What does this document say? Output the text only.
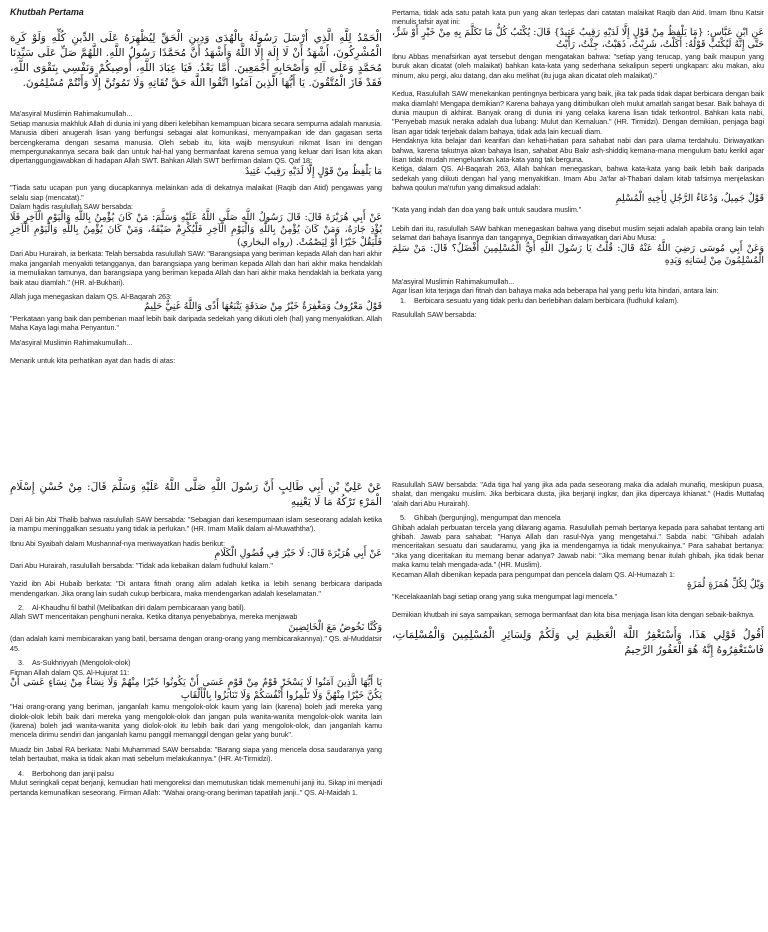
Khutbah Pertama

الْحَمْدُ لِلَّهِ الَّذِي أَرْسَلَ رَسُولَهُ بِالْهُدَى وَدِينِ الْحَقِّ لِيُظْهِرَهُ عَلَى الدِّينِ كُلِّهِ وَلَوْ كَرِهَ الْمُشْرِكُونَ، أَشْهَدُ أَنْ لَا إِلَهَ إِلَّا اللَّهُ وَأَشْهَدُ أَنَّ مُحَمَّدًا رَسُولُ اللَّهِ. اللَّهُمَّ صَلِّ عَلَى سَيِّدِنَا مُحَمَّدٍ وَعَلَى آلِهِ وَأَصْحَابِهِ أَجْمَعِينَ. أَمَّا بَعْدُ. فَيَا عِبَادَ اللَّهِ، أُوصِيكُمْ وَنَفْسِي بِتَقْوَى اللَّهِ، فَقَدْ فَازَ الْمُتَّقُونَ. يَا أَيُّهَا الَّذِينَ آمَنُوا اتَّقُوا اللَّهَ حَقَّ تُقَاتِهِ وَلَا تَمُوتُنَّ إِلَّا وَأَنْتُمْ مُسْلِمُونَ.

Ma'asyiral Muslimin Rahimakumullah...

Setiap manusia makhluk Allah di dunia ini yang diberi kelebihan kemampuan bicara secara sempurna adalah manusia. Manusia diberi anugerah lisan yang berfungsi sebagai alat komunikasi, menyampaikan ide dan gagasan serta bercengkerama dengan sesama manusia. Oleh sebab itu, kita wajib mensyukuri nikmat lisan ini dengan mempergunakannya secara baik dan untuk hal-hal yang bermanfaat karena semua yang keluar dari lisan kita akan dipertanggungjawabkan di hadapan Allah SWT. Bahkan Allah SWT berfirman dalam QS. Qaf 18:

مَا يَلْفِظُ مِنْ قَوْلٍ إِلَّا لَدَيْهِ رَقِيبٌ عَتِيدٌ

"Tiada satu ucapan pun yang diucapkannya melainkan ada di dekatnya malaikat (Raqib dan Atid) pengawas yang selalu siap (mencatat)."

Dalam hadis rasulullah SAW bersabda:

عَنْ أَبِي هُرَيْرَةَ قَالَ: قَالَ رَسُولُ اللَّهِ صَلَّى اللَّهُ عَلَيْهِ وَسَلَّمَ: مَنْ كَانَ يُؤْمِنُ بِاللَّهِ وَالْيَوْمِ الْآخِرِ فَلَا يُؤْذِ جَارَهُ، وَمَنْ كَانَ يُؤْمِنُ بِاللَّهِ وَالْيَوْمِ الْآخِرِ فَلْيُكْرِمْ ضَيْفَهُ، وَمَنْ كَانَ يُؤْمِنُ بِاللَّهِ وَالْيَوْمِ الْآخِرِ فَلْيَقُلْ خَيْرًا أَوْ لِيَصْمُتْ. (رواه البخاري)

Dari Abu Hurairah, ia berkata: Telah bersabda rasulullah SAW: "Barangsiapa yang beriman kepada Allah dan hari akhir maka janganlah menyakiti tetangganya, dan barangsiapa yang beriman kepada Allah dan hari akhir maka hendaklah ia memuliakan tamunya, dan barangsiapa yang beriman kepada Allah dan hari akhir maka hendaklah ia berkata yang baik atau diamlah." (HR. al-Bukhari).

Allah juga menegaskan dalam QS. Al-Baqarah 263:

قَوْلٌ مَعْرُوفٌ وَمَغْفِرَةٌ خَيْرٌ مِنْ صَدَقَةٍ يَتْبَعُهَا أَذًى وَاللَّهُ غَنِيٌّ حَلِيمٌ

"Perkataan yang baik dan pemberian maaf lebih baik daripada sedekah yang diikuti oleh (hal) yang menyakitkan. Allah Maha Kaya lagi maha Penyantun."

Ma'asyiral Muslimin Rahimakumullah...

Menarik untuk kita perhatikan ayat dan hadis di atas:

Pertama, tidak ada satu patah kata pun yang akan terlepas dari catatan malaikat Raqib dan Atid. Imam Ibnu Katsir menulis tafsir ayat ini:

عَنِ ابْنِ عَبَّاسٍ: {مَا يَلْفِظُ مِنْ قَوْلٍ إِلَّا لَدَيْهِ رَقِيبٌ عَتِيدٌ} قَالَ: يُكْتَبُ كُلُّ مَا تَكَلَّمَ بِهِ مِنْ خَيْرٍ أَوْ شَرٍّ، حَتَّى إِنَّهُ لَيُكْتَبُ قَوْلُهُ: أَكَلْتُ، شَرِبْتُ، ذَهَبْتُ، جِئْتُ، رَأَيْتُ

Ibnu Abbas menafsirkan ayat tersebut dengan mengatakan bahwa: "setiap yang terucap, yang baik maupun yang buruk akan dicatat (oleh malaikat) bahkan kata-kata yang sederhana sekalipun seperti ungkapan: aku makan, aku minum, aku pergi, aku datang, dan aku melihat (itu juga akan dicatat oleh malaikat)."

Kedua, Rasulullah SAW menekankan pentingnya berbicara yang baik, jika tak pada tidak dapat berbicara dengan baik maka diamlah! Mengapa demikian? Karena bahaya yang ditimbulkan oleh mulut amatlah sangat besar. Baik bahaya di dunia maupun di akhirat. Banyak orang di dunia ini yang celaka karena lisan tidak terkontrol. Bahkan kata nabi, "Penyebab masuk neraka adalah dua lubang: Mulut dan Kemaluan." (HR. Tirmidzi). Dengan demikian, penjaga bagi lisan agar tidak terjebak dalam bahaya, tidak ada lain kecuali diam.

Hendaknya kita belajar dari kearifan dan kehati-hatian para sahabat nabi dan para ulama terdahulu. Diriwayatkan bahwa, karena takutnya akan bahaya lisan, sahabat Abu Bakr ash-shiddiq kemana-mana mengulum batu kerikil agar lisan tidak mudah mengeluarkan kata-kata yang tak berguna.

Ketiga, dalam QS. Al-Baqarah 263, Allah bahkan menegaskan, bahwa kata-kata yang baik lebih baik daripada sedekah yang diikuti dengan hal yang menyakitkan. Imam Abu Ja'far al-Thabari dalam kitab tafsirnya menjelaskan bahwa qoulun ma'rufun yang dimaksud adalah:

قَوْلٌ جَمِيلٌ، وَدُعَاءُ الرَّجُلِ لِأَخِيهِ الْمُسْلِمِ

"Kata yang indah dan doa yang baik untuk saudara muslim."

Lebih dari itu, rasulullah SAW bahkan menegaskan bahwa yang disebut muslim sejati adalah apabila orang lain telah selamat dari bahaya lisannya dan tangannya. Demikian diriwayatkan dari Abu Musa:

وَعَنْ أَبِي مُوسَى رَضِيَ اللَّهُ عَنْهُ قَالَ: قُلْتُ يَا رَسُولَ اللَّهِ أَيُّ الْمُسْلِمِينَ أَفْضَلُ؟ قَالَ: مَنْ سَلِمَ الْمُسْلِمُونَ مِنْ لِسَانِهِ وَيَدِهِ

Ma'asyiral Muslimin Rahimakumullah...

Agar lisan kita terjaga dari fitnah dan bahaya maka ada beberapa hal yang perlu kita hindari, antara lain:

1. Berbicara sesuatu yang tidak perlu dan berlebihan dalam berbicara (fudhulul kalam).

Rasulullah SAW bersabda:

عَنْ عَلِيِّ بْنِ أَبِي طَالِبٍ أَنَّ رَسُولَ اللَّهِ صَلَّى اللَّهُ عَلَيْهِ وَسَلَّمَ قَالَ: مِنْ حُسْنِ إِسْلَامِ الْمَرْءِ تَرْكُهُ مَا لَا يَعْنِيهِ

Dari Ali bin Abi Thalib bahwa rasulullah SAW bersabda: "Sebagian dari kesempurnaan islam seseorang adalah ketika ia mampu meninggalkan sesuatu yang tidak ia perlukan." (HR. Imam Malik dalam al-Muwaththa').

Ibnu Abi Syaibah dalam Mushannaf-nya meriwayatkan hadis berikut:

عَنْ أَبِي هُرَيْرَةَ قَالَ: لَا خَيْرَ فِي فُضُولِ الْكَلَامِ

Dari Abu Hurairah, rasulullah bersabda: "Tidak ada kebaikan dalam fudhulul kalam."

Yazid ibn Abi Hubaib berkata: "Di antara fitnah orang alim adalah ketika ia lebih senang berbicara daripada mendengarkan. Jika orang lain sudah cukup berbicara, maka mendengarkan adalah keselamatan."

2. Al-Khaudhu fil bathil (Melibatkan diri dalam pembicaraan yang batil).

Allah SWT menceritakan penghuni neraka. Ketika ditanya penyebabnya, mereka menjawab

وَكُنَّا نَخُوضُ مَعَ الْخَائِضِينَ

(dan adalah kami membicarakan yang batil, bersama dengan orang-orang yang membicarakannya)." QS. al-Muddatsir 45.

3. As-Sukhriyyah (Mengolok-olok)

Firman Allah dalam QS. Al-Hujurat 11:

يَا أَيُّهَا الَّذِينَ آمَنُوا لَا يَسْخَرْ قَوْمٌ مِنْ قَوْمٍ عَسَى أَنْ يَكُونُوا خَيْرًا مِنْهُمْ وَلَا نِسَاءٌ مِنْ نِسَاءٍ عَسَى أَنْ يَكُنَّ خَيْرًا مِنْهُنَّ وَلَا تَلْمِزُوا أَنْفُسَكُمْ وَلَا تَنَابَزُوا بِالْأَلْقَابِ

"Hai orang-orang yang beriman, janganlah kamu mengolok-olok kaum yang lain (karena) boleh jadi mereka yang diolok-olok lebih baik dari mereka yang mengolok-olok dan jangan pula wanita-wanita mengolok-olok wanita lain (karena) boleh jadi wanita-wanita yang diolok-olok itu lebih baik dari yang mengolok-olok, dan janganlah kamu mencela dirimu sendiri dan janganlah kamu panggil memanggil dengan gelar yang buruk".

Muadz bin Jabal RA berkata: Nabi Muhammad SAW bersabda: "Barang siapa yang mencela dosa saudaranya yang telah bertaubat, maka ia tidak akan mati sebelum melakukannya." (HR. At-Tirmidzi).

4. Berbohong dan janji palsu

Mulut seringkali cepat berjanji, kemudian hati mengoreksi dan memutuskan tidak memenuhi janji itu. Sikap ini menjadi pertanda kemunafikan seseorang. Firman Allah: "Wahai orang-orang beriman tapatilah janji.." QS. Al-Maidah 1.

Rasulullah SAW bersabda: "Ada tiga hal yang jika ada pada seseorang maka dia adalah munafiq, meskipun puasa, shalat, dan mengaku muslim. Jika berbicara dusta, jika berjanji ingkar, dan jika dipercaya khianat." (Hadis Muttafaq 'alaih dari Abu Hurairah).

5. Ghibah (bergunjing), mengumpat dan mencela

Ghibah adalah perbuatan tercela yang dilarang agama. Rasulullah pernah bertanya kepada para sahabat tentang arti ghibah. Jawab para sahabat: "Hanya Allah dan rasul-Nya yang mengetahui." Sabda nabi: "Ghibah adalah menceritakan sesuatu dari saudaramu, yang jika ia mendengarnya ia tidak menyukainya." Para sahabat bertanya: "Jika yang diceritakan itu memang benar adanya? Jawab nabi: "Jika memang benar itulah ghibah, jika tidak benar maka kamu telah mengada-ada." (HR. Muslim).

Kecaman Allah dibenikan kepada para pengumpat dan pencela dalam QS. Al-Humazah 1:

وَيْلٌ لِكُلِّ هُمَزَةٍ لُمَزَةٍ

"Kecelakaanlah bagi setiap orang yang suka mengumpat lagi mencela."

Demikian khutbah ini saya sampaikan, semoga bermanfaat dan kita bisa menjaga lisan kita dengan sebaik-baiknya.

أَقُولُ قَوْلِي هَذَا، وَأَسْتَغْفِرُ اللَّهَ الْعَظِيمَ لِي وَلَكُمْ وَلِسَائِرِ الْمُسْلِمِينَ وَالْمُسْلِمَاتِ، فَاسْتَغْفِرُوهُ إِنَّهُ هُوَ الْغَفُورُ الرَّحِيمُ
